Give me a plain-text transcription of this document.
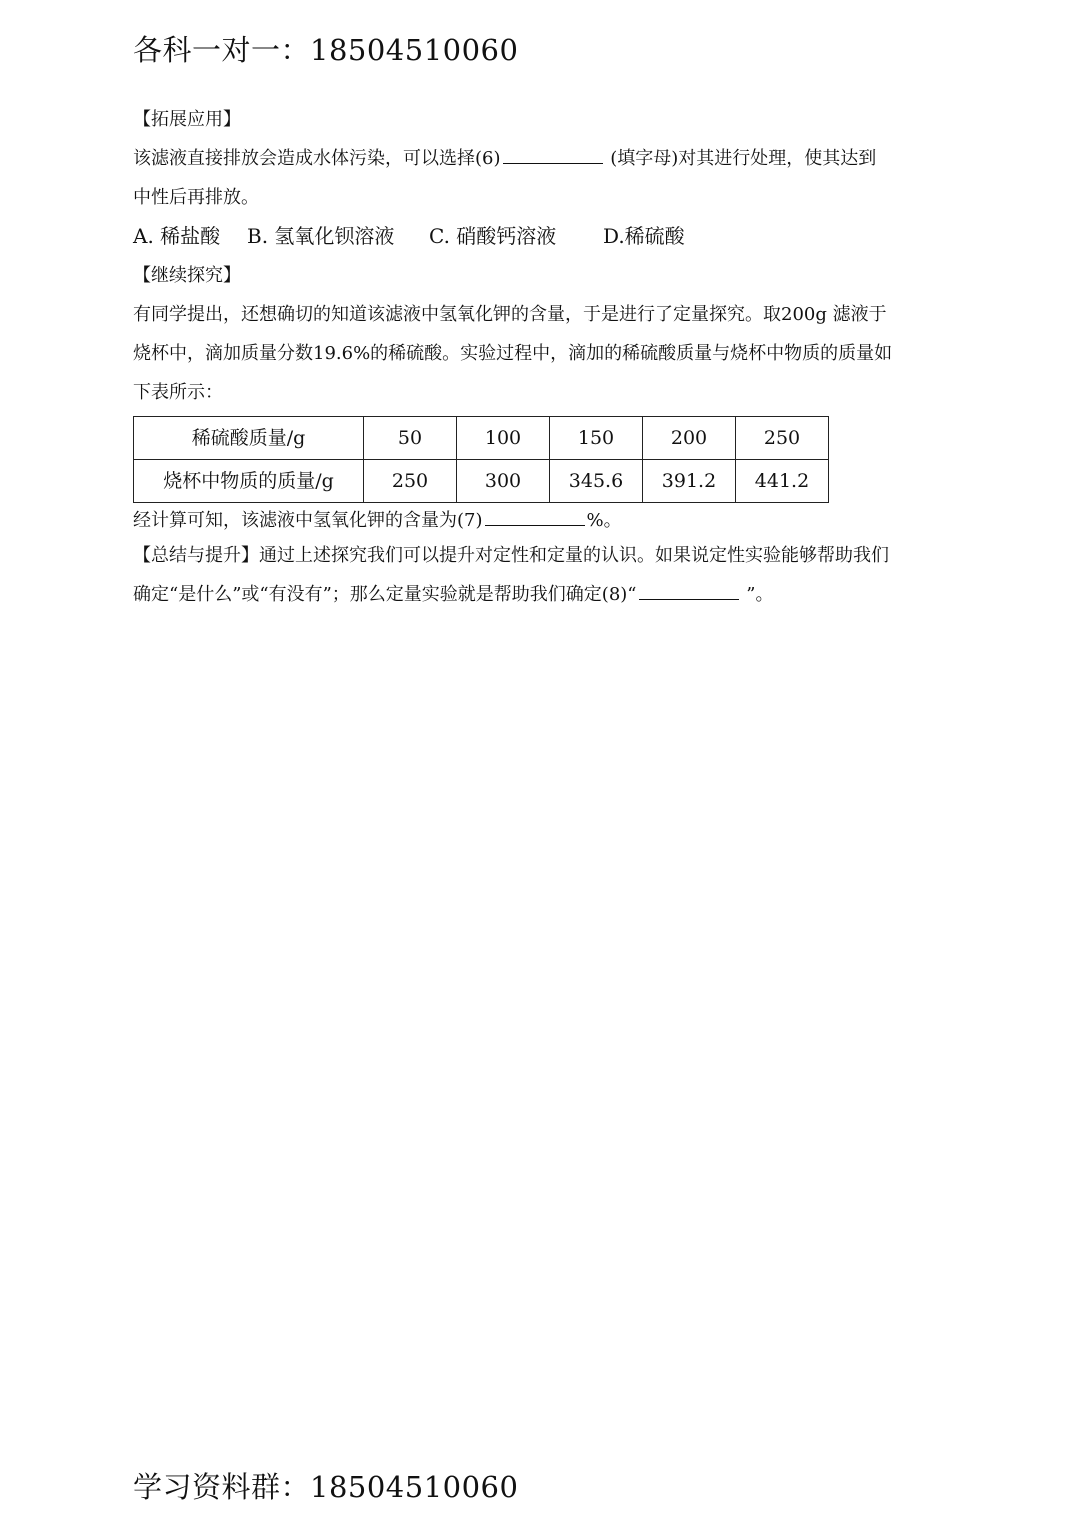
各科一对一：18504510060
【拓展应用】
该滤液直接排放会造成水体污染，可以选择(6)	(填字母)对其进行处理，使其达到
中性后再排放。
A. 稀盐酸 B. 氢氧化钡溶液 C. 硝酸钙溶液 D.稀硫酸
【继续探究】
有同学提出，还想确切的知道该滤液中氢氧化钾的含量，于是进行了定量探究。取200g 滤液于
烧杯中，滴加质量分数19.6%的稀硫酸。实验过程中，滴加的稀硫酸质量与烧杯中物质的质量如
下表所示：
稀硫酸质量/g	50	100	150	200	250
烧杯中物质的质量/g	250	300	345.6	391.2	441.2
经计算可知，该滤液中氢氧化钾的含量为(7)	%。
【总结与提升】通过上述探究我们可以提升对定性和定量的认识。如果说定性实验能够帮助我们
确定“是什么”或“有没有”；那么定量实验就是帮助我们确定(8)“	”。
学习资料群：18504510060
